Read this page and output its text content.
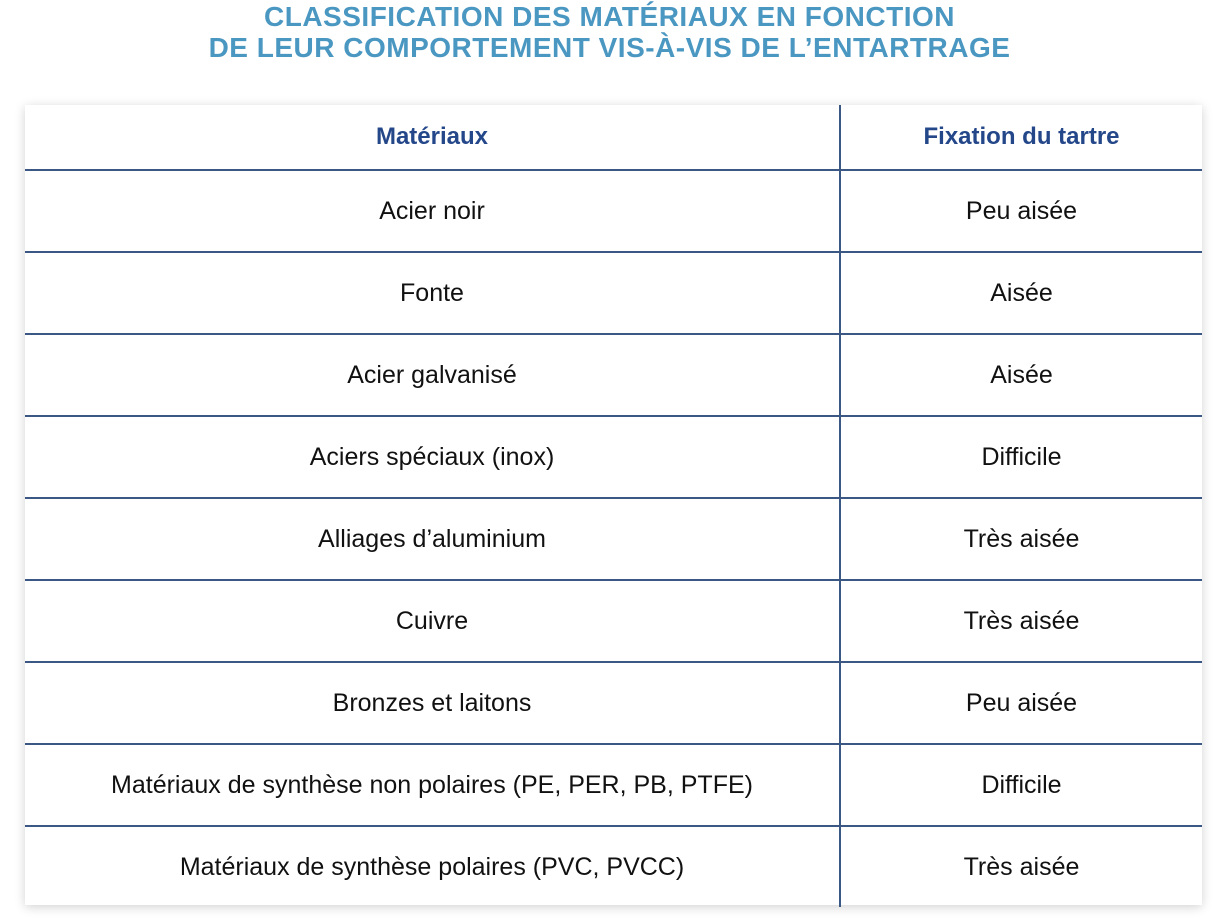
CLASSIFICATION DES MATÉRIAUX EN FONCTION
DE LEUR COMPORTEMENT VIS-À-VIS DE L’ENTARTRAGE
Matériaux	Fixation du tartre
Acier noir	Peu aisée
Fonte	Aisée
Acier galvanisé	Aisée
Aciers spéciaux (inox)	Difficile
Alliages d’aluminium	Très aisée
Cuivre	Très aisée
Bronzes et laitons	Peu aisée
Matériaux de synthèse non polaires (PE, PER, PB, PTFE)	Difficile
Matériaux de synthèse polaires (PVC, PVCC)	Très aisée
